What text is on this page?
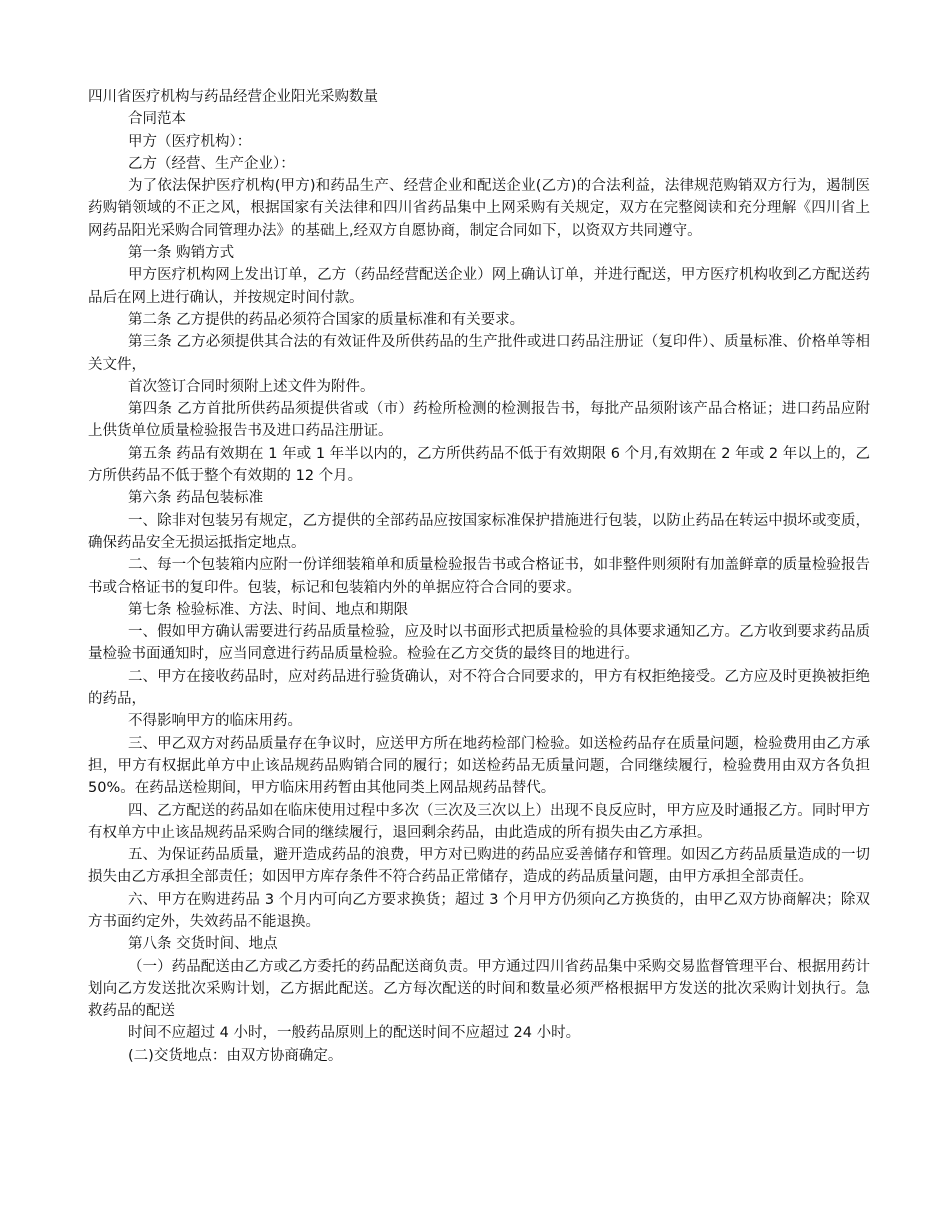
四川省医疗机构与药品经营企业阳光采购数量
合同范本
甲方（医疗机构）：
乙方（经营、生产企业）：

为了依法保护医疗机构(甲方)和药品生产、经营企业和配送企业(乙方)的合法利益，法律规范购销双方行为，遏制医药购销领域的不正之风，根据国家有关法律和四川省药品集中上网采购有关规定，双方在完整阅读和充分理解《四川省上网药品阳光采购合同管理办法》的基础上,经双方自愿协商，制定合同如下，以资双方共同遵守。

第一条 购销方式

甲方医疗机构网上发出订单，乙方（药品经营配送企业）网上确认订单，并进行配送，甲方医疗机构收到乙方配送药品后在网上进行确认，并按规定时间付款。

第二条 乙方提供的药品必须符合国家的质量标准和有关要求。

第三条 乙方必须提供其合法的有效证件及所供药品的生产批件或进口药品注册证（复印件）、质量标准、价格单等相关文件，

首次签订合同时须附上述文件为附件。

第四条 乙方首批所供药品须提供省或（市）药检所检测的检测报告书，每批产品须附该产品合格证；进口药品应附上供货单位质量检验报告书及进口药品注册证。

第五条 药品有效期在 1 年或 1 年半以内的，乙方所供药品不低于有效期限 6 个月,有效期在 2 年或 2 年以上的，乙方所供药品不低于整个有效期的 12 个月。

第六条 药品包装标准

一、除非对包装另有规定，乙方提供的全部药品应按国家标准保护措施进行包装，以防止药品在转运中损坏或变质，确保药品安全无损运抵指定地点。

二、每一个包装箱内应附一份详细装箱单和质量检验报告书或合格证书，如非整件则须附有加盖鲜章的质量检验报告书或合格证书的复印件。包装，标记和包装箱内外的单据应符合合同的要求。

第七条 检验标准、方法、时间、地点和期限

一、假如甲方确认需要进行药品质量检验，应及时以书面形式把质量检验的具体要求通知乙方。乙方收到要求药品质量检验书面通知时，应当同意进行药品质量检验。检验在乙方交货的最终目的地进行。

二、甲方在接收药品时，应对药品进行验货确认，对不符合合同要求的，甲方有权拒绝接受。乙方应及时更换被拒绝的药品，

不得影响甲方的临床用药。

三、甲乙双方对药品质量存在争议时，应送甲方所在地药检部门检验。如送检药品存在质量问题，检验费用由乙方承担，甲方有权据此单方中止该品规药品购销合同的履行；如送检药品无质量问题，合同继续履行，检验费用由双方各负担 50%。在药品送检期间，甲方临床用药暂由其他同类上网品规药品替代。

四、乙方配送的药品如在临床使用过程中多次（三次及三次以上）出现不良反应时，甲方应及时通报乙方。同时甲方有权单方中止该品规药品采购合同的继续履行，退回剩余药品，由此造成的所有损失由乙方承担。

五、为保证药品质量，避开造成药品的浪费，甲方对已购进的药品应妥善储存和管理。如因乙方药品质量造成的一切损失由乙方承担全部责任；如因甲方库存条件不符合药品正常储存，造成的药品质量问题，由甲方承担全部责任。

六、甲方在购进药品 3 个月内可向乙方要求换货；超过 3 个月甲方仍须向乙方换货的，由甲乙双方协商解决；除双方书面约定外，失效药品不能退换。

第八条 交货时间、地点

（一）药品配送由乙方或乙方委托的药品配送商负责。甲方通过四川省药品集中采购交易监督管理平台、根据用药计划向乙方发送批次采购计划，乙方据此配送。乙方每次配送的时间和数量必须严格根据甲方发送的批次采购计划执行。急救药品的配送

时间不应超过 4 小时，一般药品原则上的配送时间不应超过 24 小时。
(二)交货地点：由双方协商确定。
